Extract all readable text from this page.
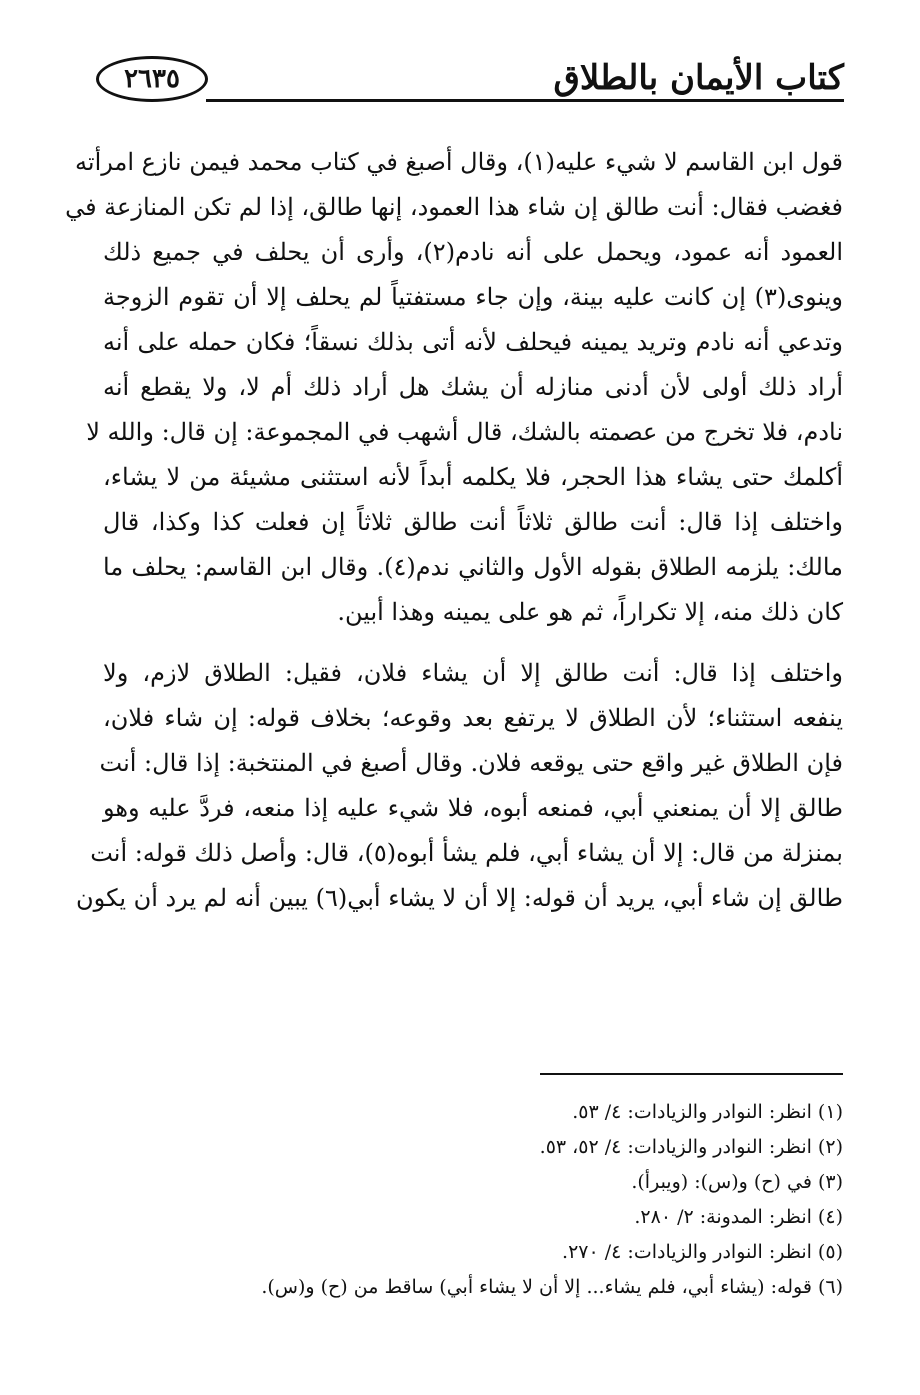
٢٦٣٥	كتاب الأيمان بالطلاق
قول ابن القاسم لا شيء عليه(١)، وقال أصبغ في كتاب محمد فيمن نازع امرأته
فغضب فقال: أنت طالق إن شاء هذا العمود، إنها طالق، إذا لم تكن المنازعة في
العمود أنه عمود، ويحمل على أنه نادم(٢)، وأرى أن يحلف في جميع ذلك
وينوى(٣) إن كانت عليه بينة، وإن جاء مستفتياً لم يحلف إلا أن تقوم الزوجة
وتدعي أنه نادم وتريد يمينه فيحلف لأنه أتى بذلك نسقاً؛ فكان حمله على أنه
أراد ذلك أولى لأن أدنى منازله أن يشك هل أراد ذلك أم لا، ولا يقطع أنه
نادم، فلا تخرج من عصمته بالشك، قال أشهب في المجموعة: إن قال: والله لا
أكلمك حتى يشاء هذا الحجر، فلا يكلمه أبداً لأنه استثنى مشيئة من لا يشاء،
واختلف إذا قال: أنت طالق ثلاثاً أنت طالق ثلاثاً إن فعلت كذا وكذا، قال
مالك: يلزمه الطلاق بقوله الأول والثاني ندم(٤). وقال ابن القاسم: يحلف ما
كان ذلك منه، إلا تكراراً، ثم هو على يمينه وهذا أبين.
واختلف إذا قال: أنت طالق إلا أن يشاء فلان، فقيل: الطلاق لازم، ولا
ينفعه استثناء؛ لأن الطلاق لا يرتفع بعد وقوعه؛ بخلاف قوله: إن شاء فلان،
فإن الطلاق غير واقع حتى يوقعه فلان. وقال أصبغ في المنتخبة: إذا قال: أنت
طالق إلا أن يمنعني أبي، فمنعه أبوه، فلا شيء عليه إذا منعه، فردَّ عليه وهو
بمنزلة من قال: إلا أن يشاء أبي، فلم يشأ أبوه(٥)، قال: وأصل ذلك قوله: أنت
طالق إن شاء أبي، يريد أن قوله: إلا أن لا يشاء أبي(٦) يبين أنه لم يرد أن يكون
(١) انظر: النوادر والزيادات: ٤/ ٥٣.
(٢) انظر: النوادر والزيادات: ٤/ ٥٢، ٥٣.
(٣) في (ح) و(س): (ويبرأ).
(٤) انظر: المدونة: ٢/ ٢٨٠.
(٥) انظر: النوادر والزيادات: ٤/ ٢٧٠.
(٦) قوله: (يشاء أبي، فلم يشاء... إلا أن لا يشاء أبي) ساقط من (ح) و(س).
